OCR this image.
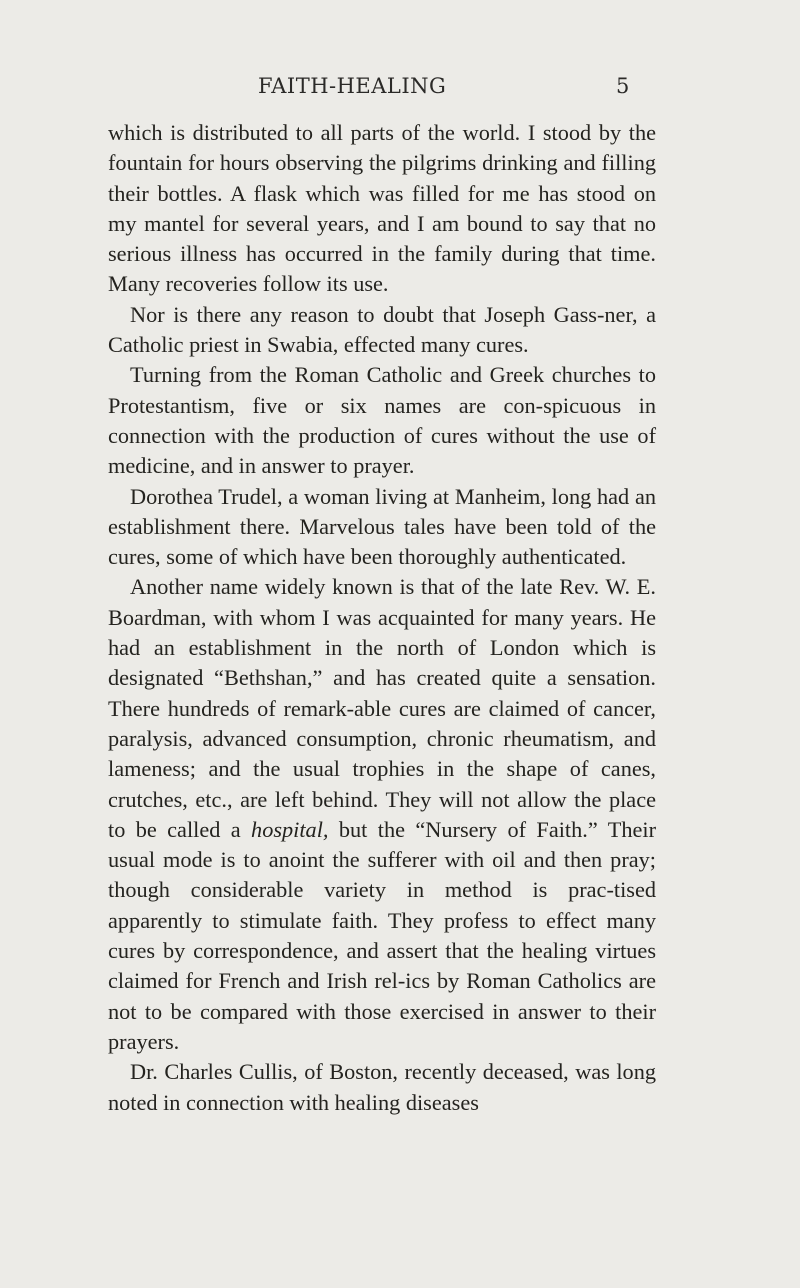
FAITH-HEALING	5

which is distributed to all parts of the world. I stood by the fountain for hours observing the pilgrims drinking and filling their bottles. A flask which was filled for me has stood on my mantel for several years, and I am bound to say that no serious illness has occurred in the family during that time. Many recoveries follow its use.

Nor is there any reason to doubt that Joseph Gass-ner, a Catholic priest in Swabia, effected many cures.

Turning from the Roman Catholic and Greek churches to Protestantism, five or six names are con-spicuous in connection with the production of cures without the use of medicine, and in answer to prayer.

Dorothea Trudel, a woman living at Manheim, long had an establishment there. Marvelous tales have been told of the cures, some of which have been thoroughly authenticated.

Another name widely known is that of the late Rev. W. E. Boardman, with whom I was acquainted for many years. He had an establishment in the north of London which is designated “Bethshan,” and has created quite a sensation. There hundreds of remark-able cures are claimed of cancer, paralysis, advanced consumption, chronic rheumatism, and lameness; and the usual trophies in the shape of canes, crutches, etc., are left behind. They will not allow the place to be called a hospital, but the “Nursery of Faith.” Their usual mode is to anoint the sufferer with oil and then pray; though considerable variety in method is prac-tised apparently to stimulate faith. They profess to effect many cures by correspondence, and assert that the healing virtues claimed for French and Irish rel-ics by Roman Catholics are not to be compared with those exercised in answer to their prayers.

Dr. Charles Cullis, of Boston, recently deceased, was long noted in connection with healing diseases
